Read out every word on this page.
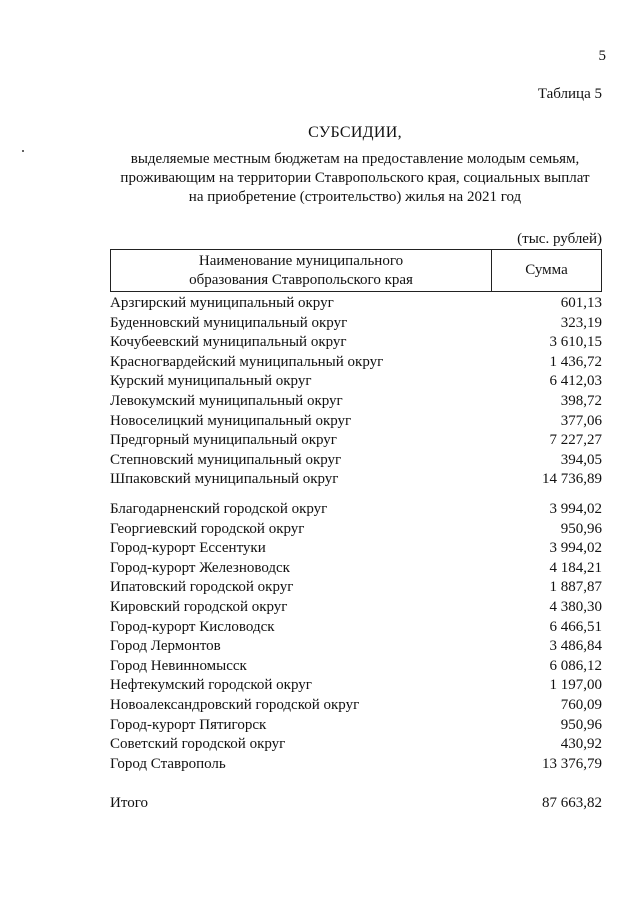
5
Таблица 5
СУБСИДИИ,
выделяемые местным бюджетам на предоставление молодым семьям,
проживающим на территории Ставропольского края, социальных выплат
на приобретение (строительство) жилья на 2021 год
(тыс. рублей)
Наименование муниципального
образования Ставропольского края
Сумма
Арзгирский муниципальный округ	601,13
Буденновский муниципальный округ	323,19
Кочубеевский муниципальный округ	3 610,15
Красногвардейский муниципальный округ	1 436,72
Курский муниципальный округ	6 412,03
Левокумский муниципальный округ	398,72
Новоселицкий муниципальный округ	377,06
Предгорный муниципальный округ	7 227,27
Степновский муниципальный округ	394,05
Шпаковский муниципальный округ	14 736,89
Благодарненский городской округ	3 994,02
Георгиевский городской округ	950,96
Город-курорт Ессентуки	3 994,02
Город-курорт Железноводск	4 184,21
Ипатовский городской округ	1 887,87
Кировский городской округ	4 380,30
Город-курорт Кисловодск	6 466,51
Город Лермонтов	3 486,84
Город Невинномысск	6 086,12
Нефтекумский городской округ	1 197,00
Новоалександровский городской округ	760,09
Город-курорт Пятигорск	950,96
Советский городской округ	430,92
Город Ставрополь	13 376,79
Итого	87 663,82
